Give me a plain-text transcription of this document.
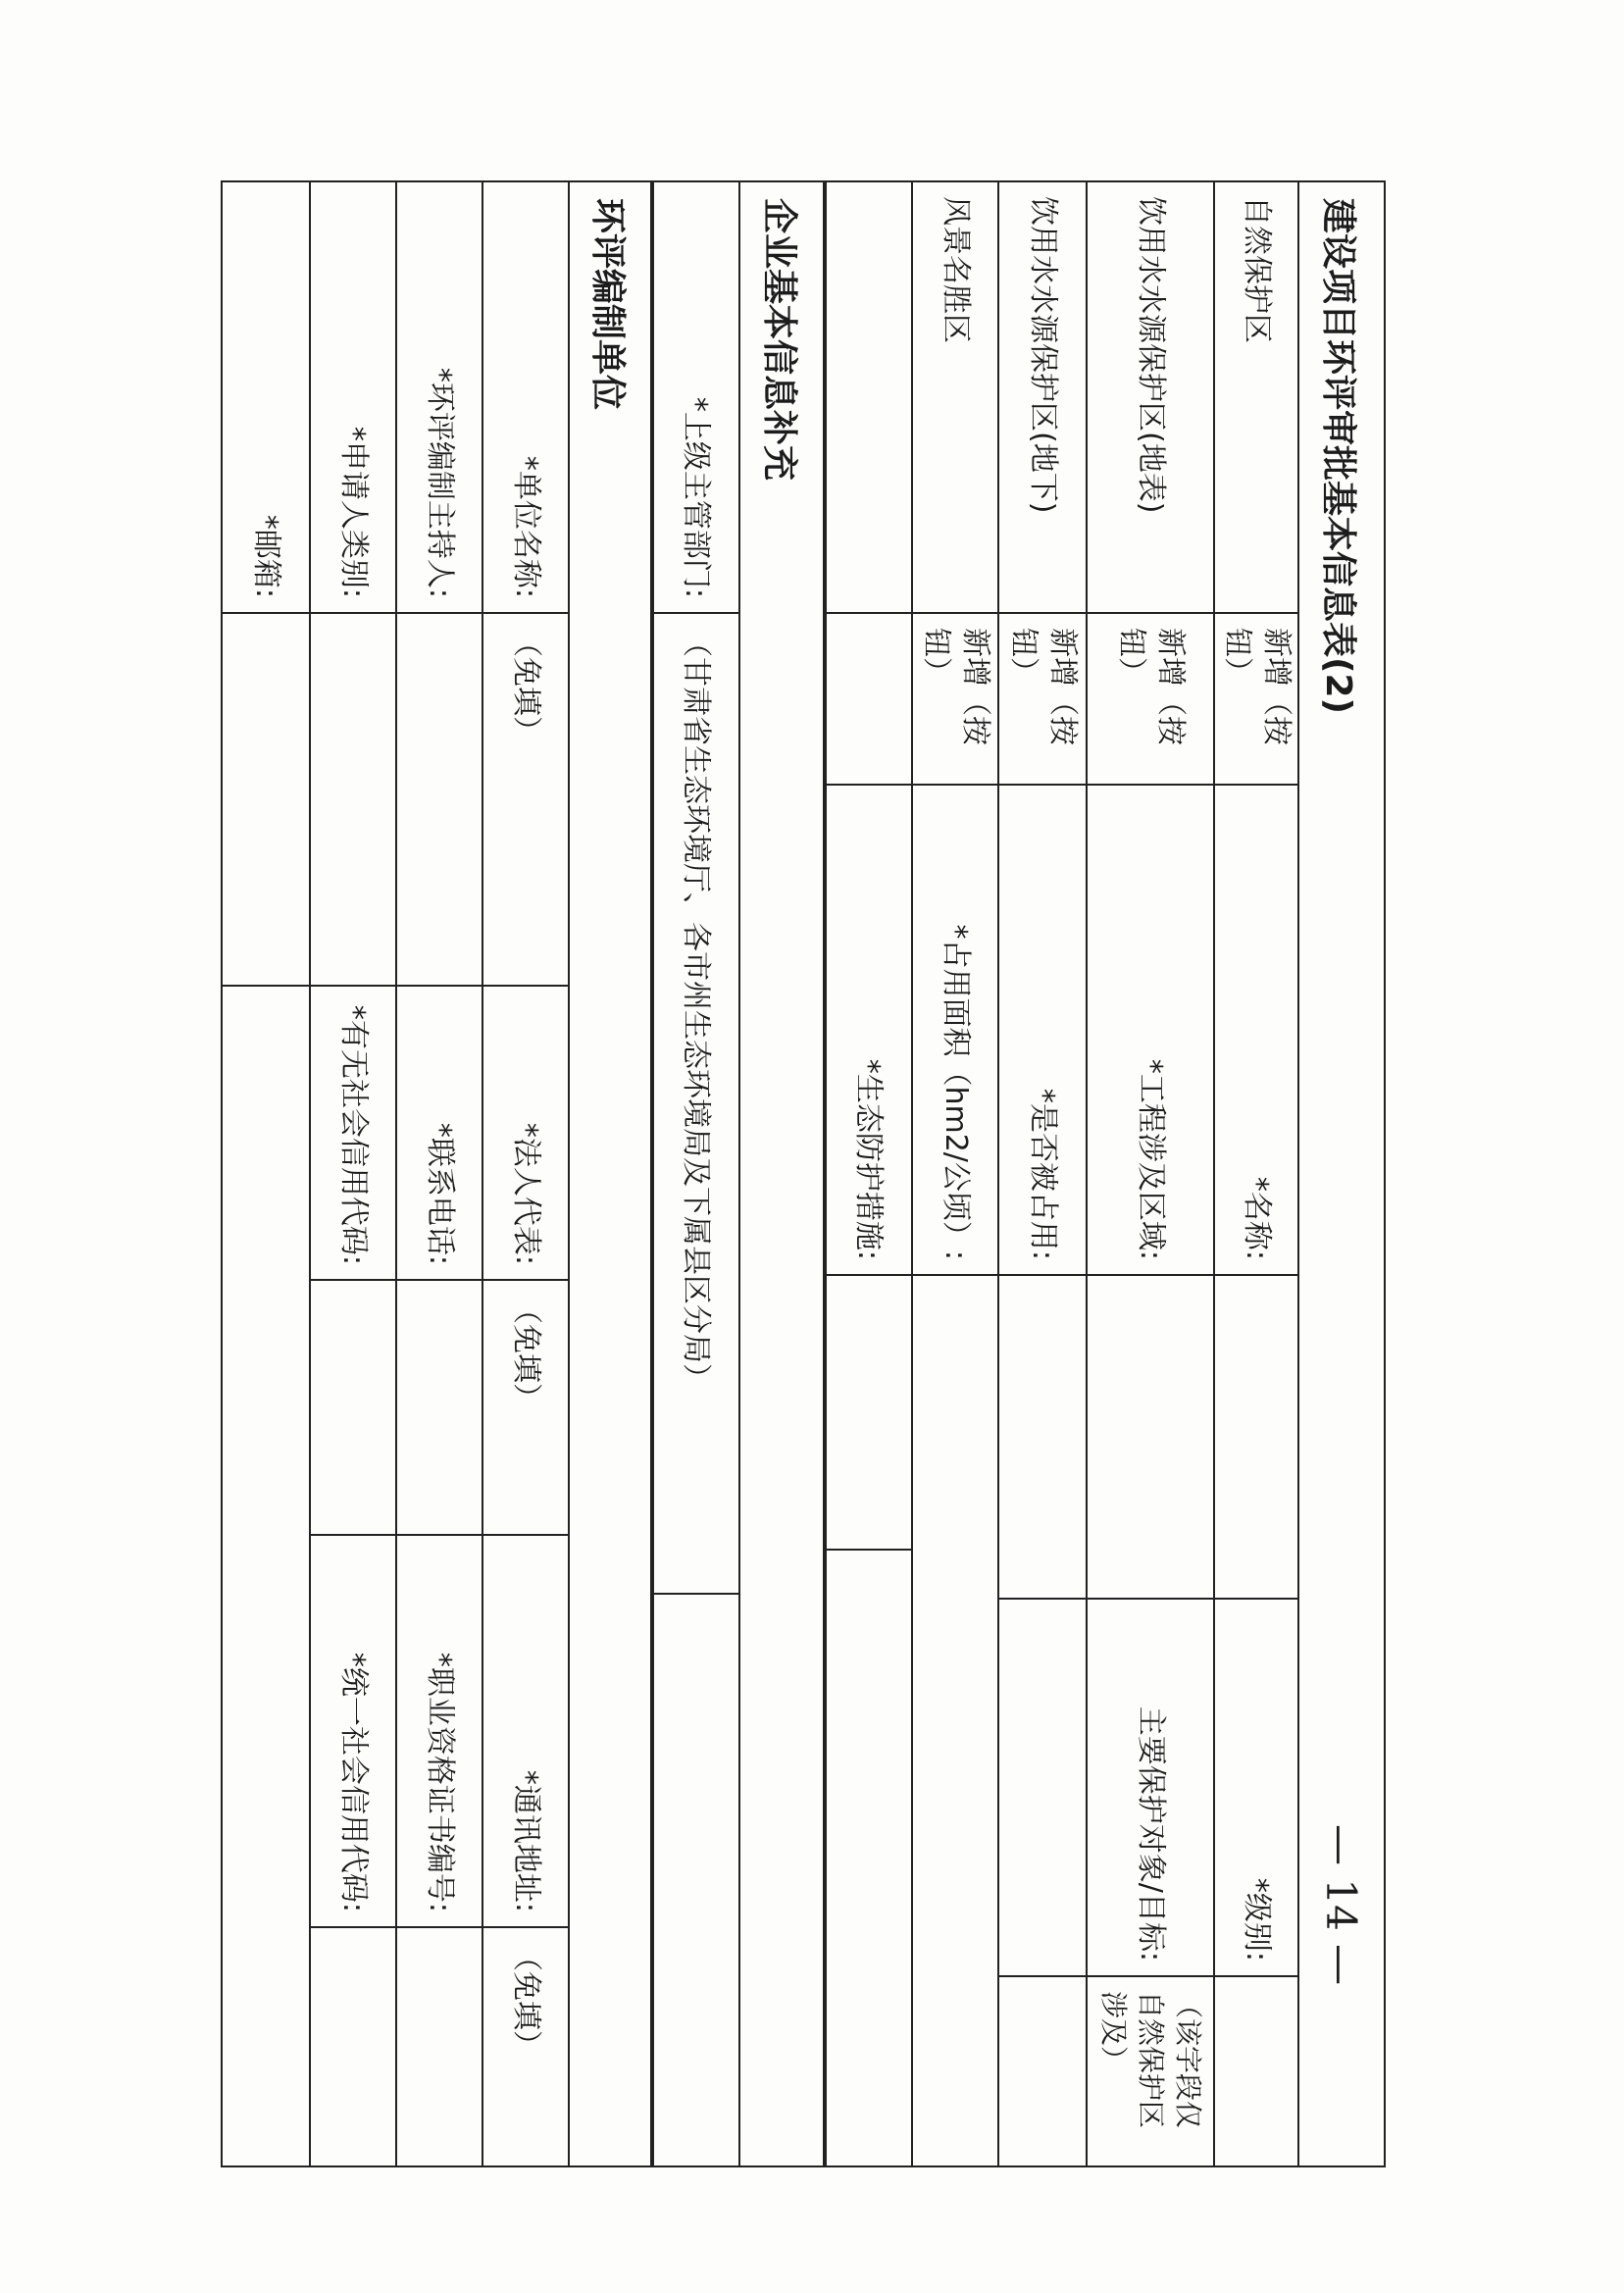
建设项目环评审批基本信息表(2)
自然保护区
新增（按钮）
*名称:
*级别:
饮用水水源保护区(地表)
新增（按钮）
*工程涉及区域:
主要保护对象/目标:
（该字段仅自然保护区涉及）
饮用水水源保护区(地下)
新增（按钮）
*是否被占用:
风景名胜区
新增（按钮）
*占用面积（hm2/公顷）:
*生态防护措施:
企业基本信息补充
*上级主管部门:
（甘肃省生态环境厅、各市州生态环境局及下属县区分局）
环评编制单位
*单位名称:
（免填）
*法人代表:
（免填）
*通讯地址:
（免填）
*环评编制主持人:
*联系电话:
*职业资格证书编号:
*申请人类别:
*有无社会信用代码:
*统一社会信用代码:
*邮箱:
— 14 —
